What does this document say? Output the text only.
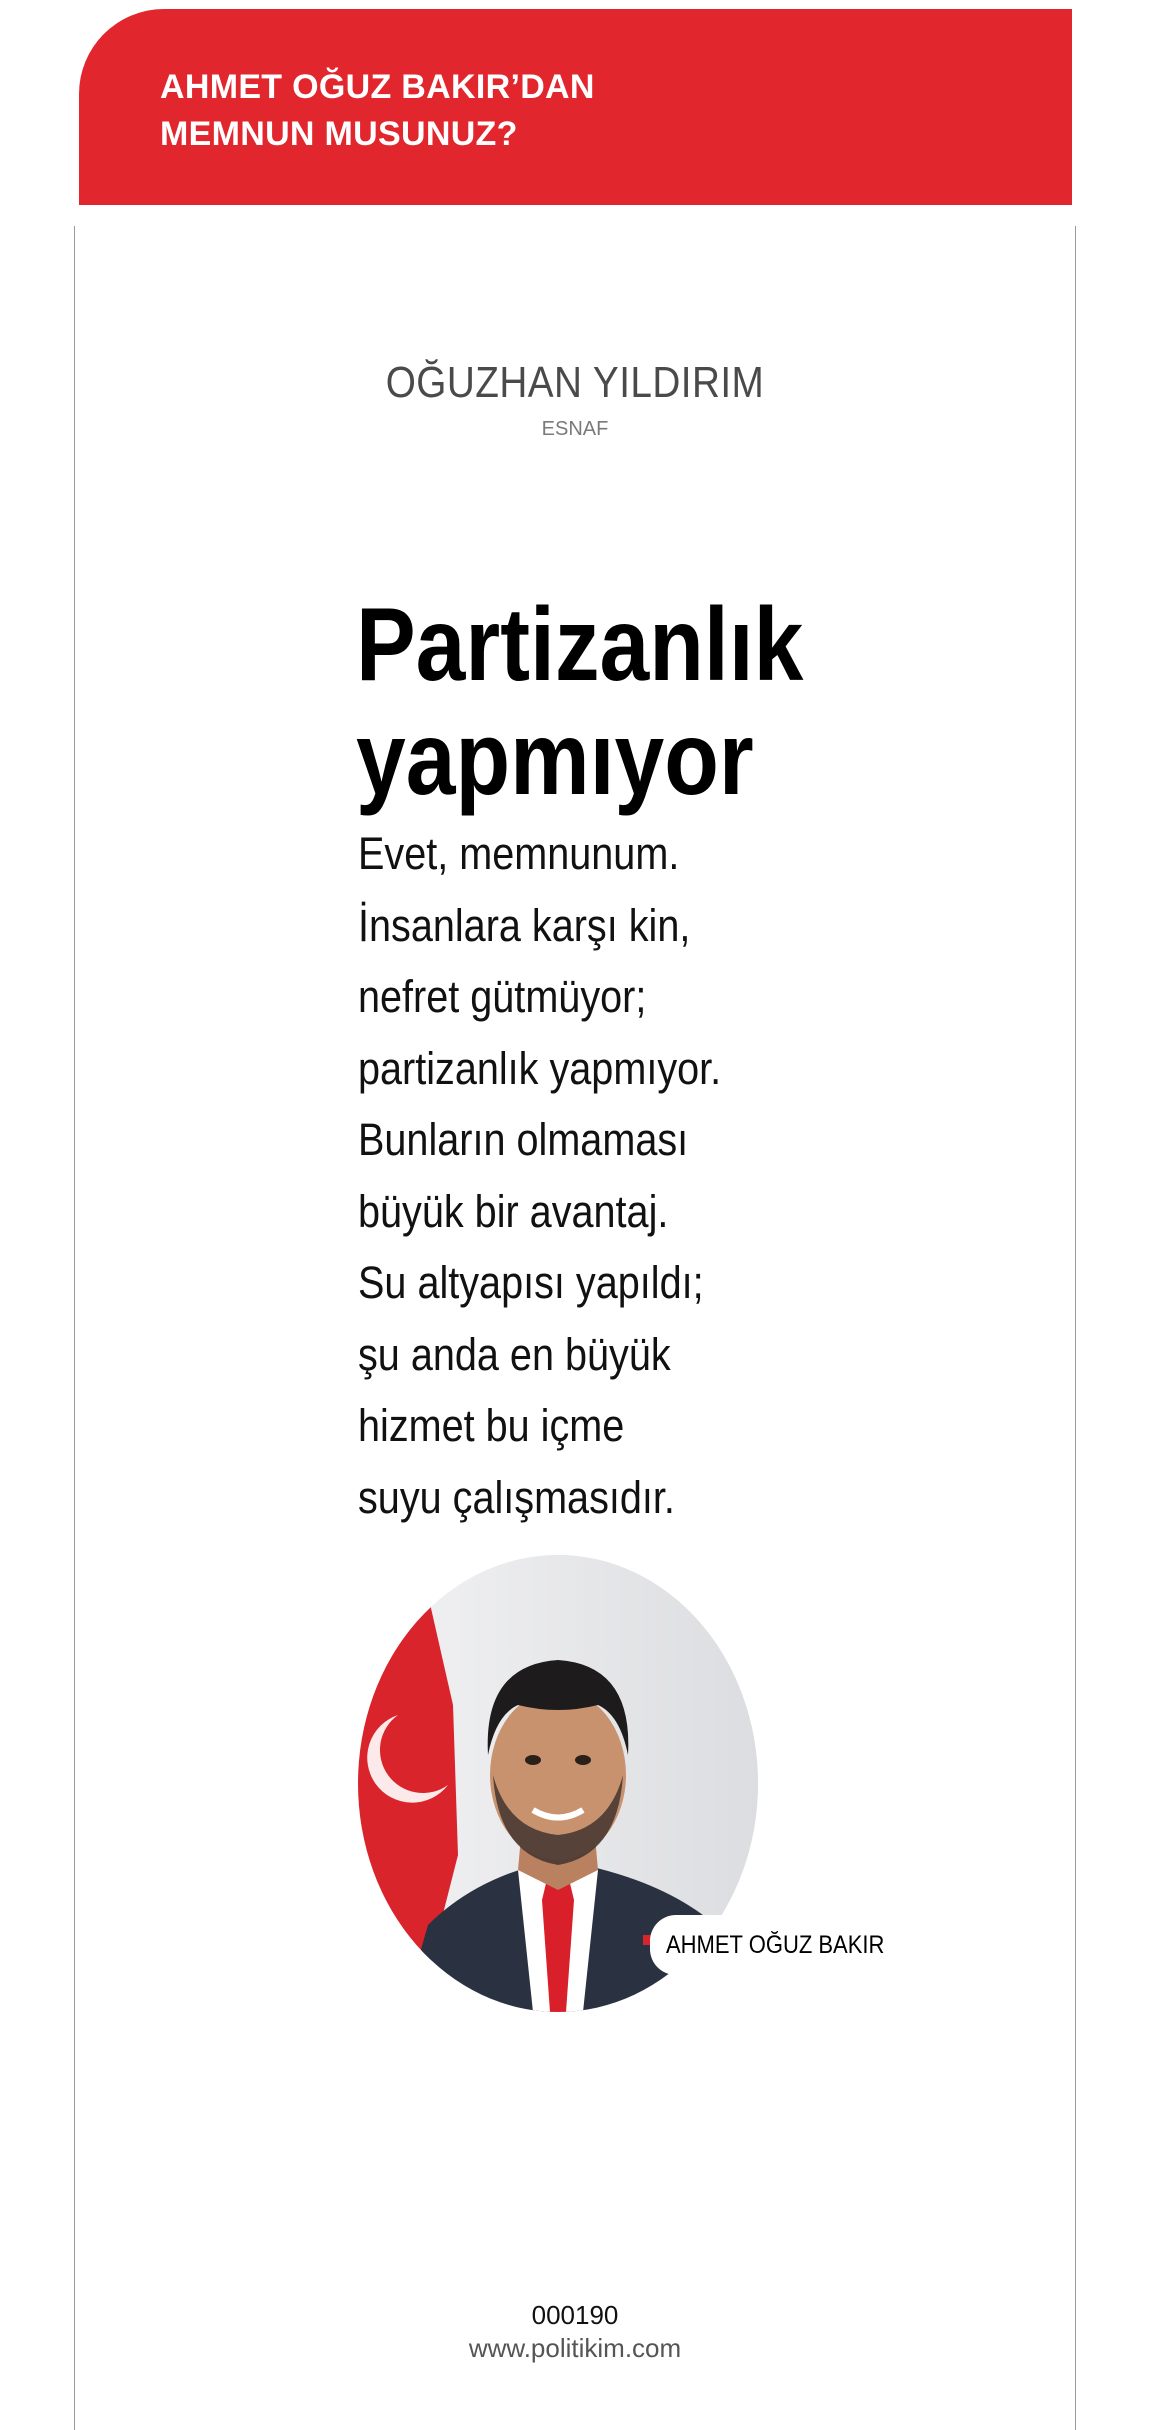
AHMET OĞUZ BAKIR’DAN
MEMNUN MUSUNUZ?
OĞUZHAN YILDIRIM
ESNAF
Partizanlık
yapmıyor
Evet, memnunum.
İnsanlara karşı kin,
nefret gütmüyor;
partizanlık yapmıyor.
Bunların olmaması
büyük bir avantaj.
Su altyapısı yapıldı;
şu anda en büyük
hizmet bu içme
suyu çalışmasıdır.
AHMET OĞUZ BAKIR
000190
www.politikim.com
